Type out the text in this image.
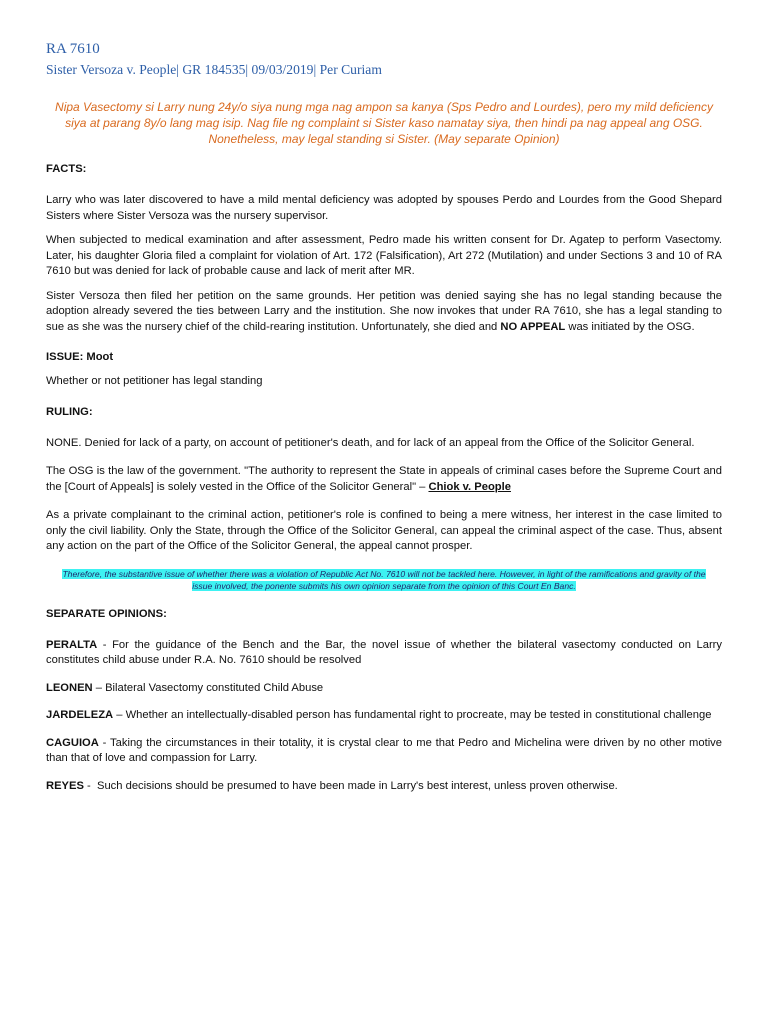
RA 7610
Sister Versoza v. People| GR 184535| 09/03/2019| Per Curiam
Nipa Vasectomy si Larry nung 24y/o siya nung mga nag ampon sa kanya (Sps Pedro and Lourdes), pero my mild deficiency siya at parang 8y/o lang mag isip. Nag file ng complaint si Sister kaso namatay siya, then hindi pa nag appeal ang OSG. Nonetheless, may legal standing si Sister. (May separate Opinion)
FACTS:

Larry who was later discovered to have a mild mental deficiency was adopted by spouses Perdo and Lourdes from the Good Shepard Sisters where Sister Versoza was the nursery supervisor.

When subjected to medical examination and after assessment, Pedro made his written consent for Dr. Agatep to perform Vasectomy. Later, his daughter Gloria filed a complaint for violation of Art. 172 (Falsification), Art 272 (Mutilation) and under Sections 3 and 10 of RA 7610 but was denied for lack of probable cause and lack of merit after MR.

Sister Versoza then filed her petition on the same grounds. Her petition was denied saying she has no legal standing because the adoption already severed the ties between Larry and the institution. She now invokes that under RA 7610, she has a legal standing to sue as she was the nursery chief of the child-rearing institution. Unfortunately, she died and NO APPEAL was initiated by the OSG.

ISSUE: Moot

Whether or not petitioner has legal standing

RULING:

NONE. Denied for lack of a party, on account of petitioner's death, and for lack of an appeal from the Office of the Solicitor General.

The OSG is the law of the government. "The authority to represent the State in appeals of criminal cases before the Supreme Court and the [Court of Appeals] is solely vested in the Office of the Solicitor General" – Chiok v. People

As a private complainant to the criminal action, petitioner's role is confined to being a mere witness, her interest in the case limited to only the civil liability. Only the State, through the Office of the Solicitor General, can appeal the criminal aspect of the case. Thus, absent any action on the part of the Office of the Solicitor General, the appeal cannot prosper.

Therefore, the substantive issue of whether there was a violation of Republic Act No. 7610 will not be tackled here. However, in light of the ramifications and gravity of the issue involved, the ponente submits his own opinion separate from the opinion of this Court En Banc.
SEPARATE OPINIONS:

PERALTA - For the guidance of the Bench and the Bar, the novel issue of whether the bilateral vasectomy conducted on Larry constitutes child abuse under R.A. No. 7610 should be resolved

LEONEN – Bilateral Vasectomy constituted Child Abuse

JARDELEZA – Whether an intellectually-disabled person has fundamental right to procreate, may be tested in constitutional challenge

CAGUIOA - Taking the circumstances in their totality, it is crystal clear to me that Pedro and Michelina were driven by no other motive than that of love and compassion for Larry.

REYES -  Such decisions should be presumed to have been made in Larry's best interest, unless proven otherwise.
